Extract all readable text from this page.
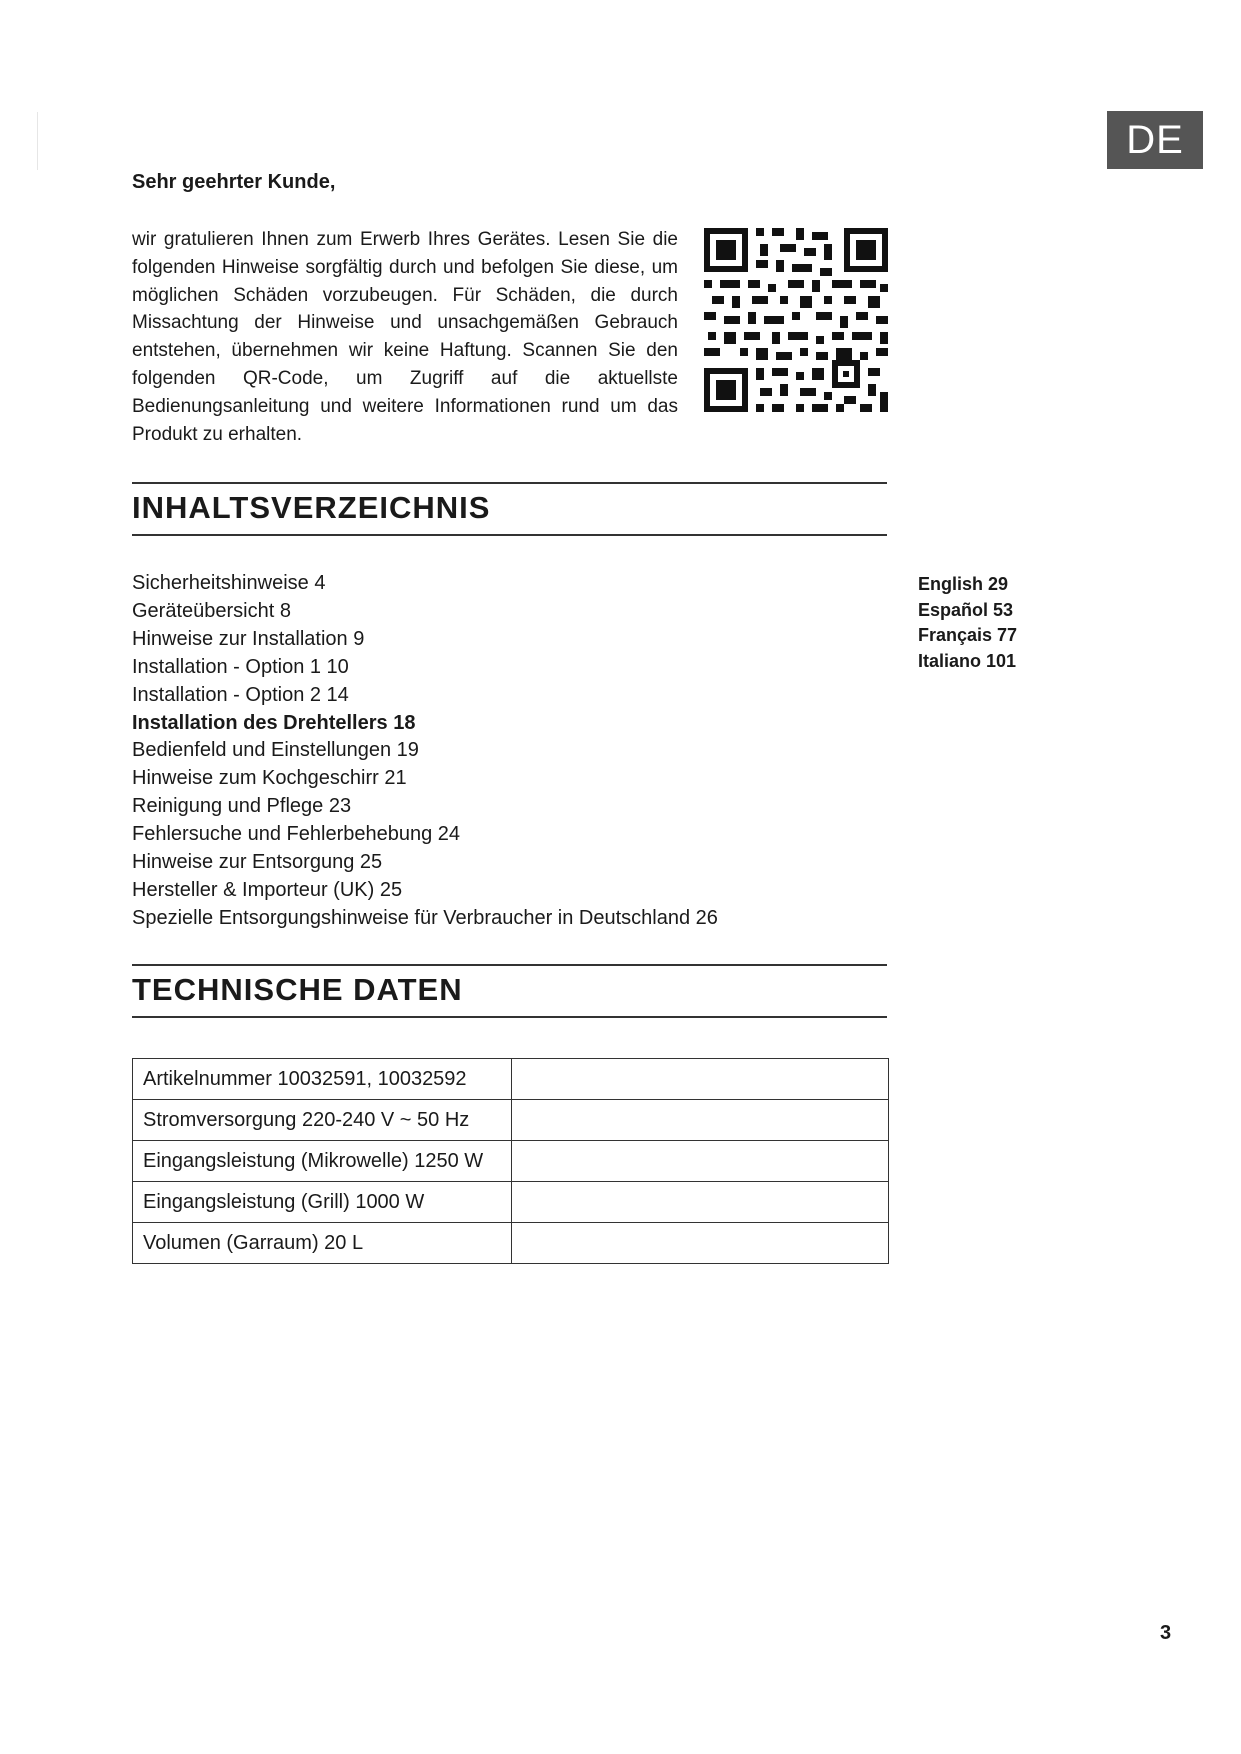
DE
Sehr geehrter Kunde,

wir gratulieren Ihnen zum Erwerb Ihres Gerätes. Lesen Sie die folgenden Hinweise sorgfältig durch und befolgen Sie diese, um möglichen Schäden vorzubeugen. Für Schäden, die durch Missachtung der Hinweise und unsachgemäßen Gebrauch entstehen, übernehmen wir keine Haftung. Scannen Sie den folgenden QR-Code, um Zugriff auf die aktuellste Bedienungsanleitung und weitere Informationen rund um das Produkt zu erhalten.

INHALTSVERZEICHNIS
Sicherheitshinweise 4
Geräteübersicht 8
Hinweise zur Installation 9
Installation - Option 1 10
Installation - Option 2 14
Installation des Drehtellers 18
Bedienfeld und Einstellungen 19
Hinweise zum Kochgeschirr 21
Reinigung und Pflege 23
Fehlersuche und Fehlerbehebung 24
Hinweise zur Entsorgung 25
Hersteller & Importeur (UK) 25
Spezielle Entsorgungshinweise für Verbraucher in Deutschland 26
English 29
Español 53
Français 77
Italiano 101
TECHNISCHE DATEN
Artikelnummer 10032591, 10032592	
Stromversorgung 220-240 V ~ 50 Hz	
Eingangsleistung (Mikrowelle) 1250 W	
Eingangsleistung (Grill) 1000 W	
Volumen (Garraum) 20 L	
3
